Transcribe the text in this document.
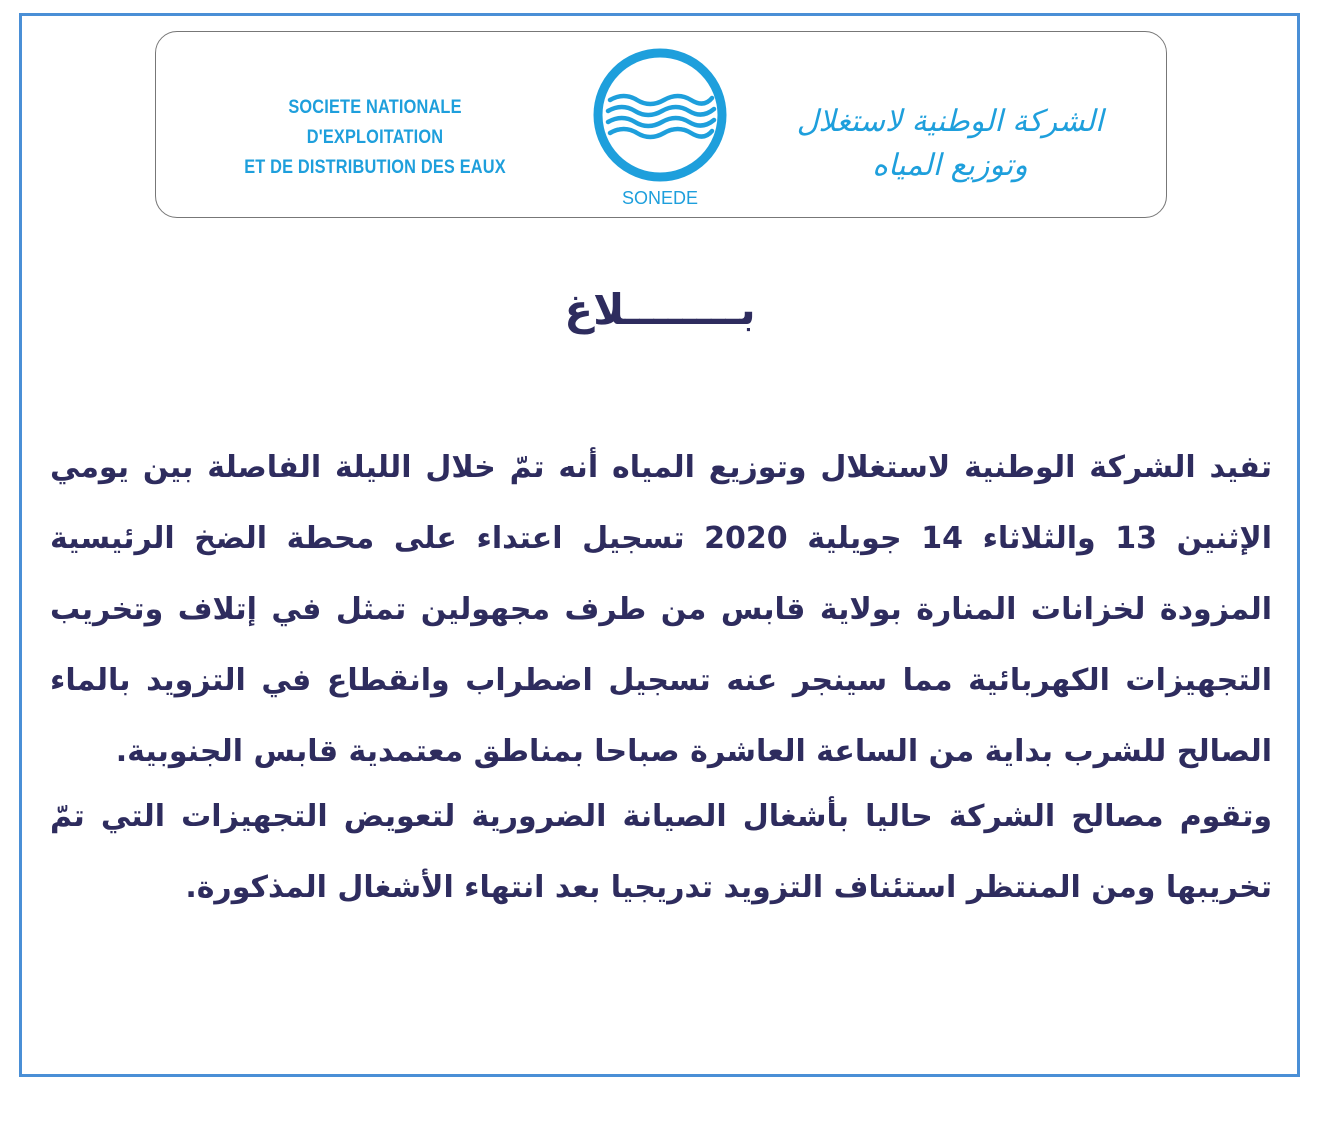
SOCIETE NATIONALE D'EXPLOITATION
ET DE DISTRIBUTION DES EAUX
SONEDE
الشركة الوطنية لاستغلال وتوزيع المياه
بــــــــلاغ

تفيد الشركة الوطنية لاستغلال وتوزيع المياه أنه تمّ خلال الليلة الفاصلة بين يومي الإثنين 13 والثلاثاء 14 جويلية 2020 تسجيل اعتداء على محطة الضخ الرئيسية المزودة لخزانات المنارة بولاية قابس من طرف مجهولين تمثل في إتلاف وتخريب التجهيزات الكهربائية مما سينجر عنه تسجيل اضطراب وانقطاع في التزويد بالماء الصالح للشرب بداية من الساعة العاشرة صباحا بمناطق معتمدية قابس الجنوبية.

وتقوم مصالح الشركة حاليا بأشغال الصيانة الضرورية لتعويض التجهيزات التي تمّ تخريبها ومن المنتظر استئناف التزويد تدريجيا بعد انتهاء الأشغال المذكورة.
